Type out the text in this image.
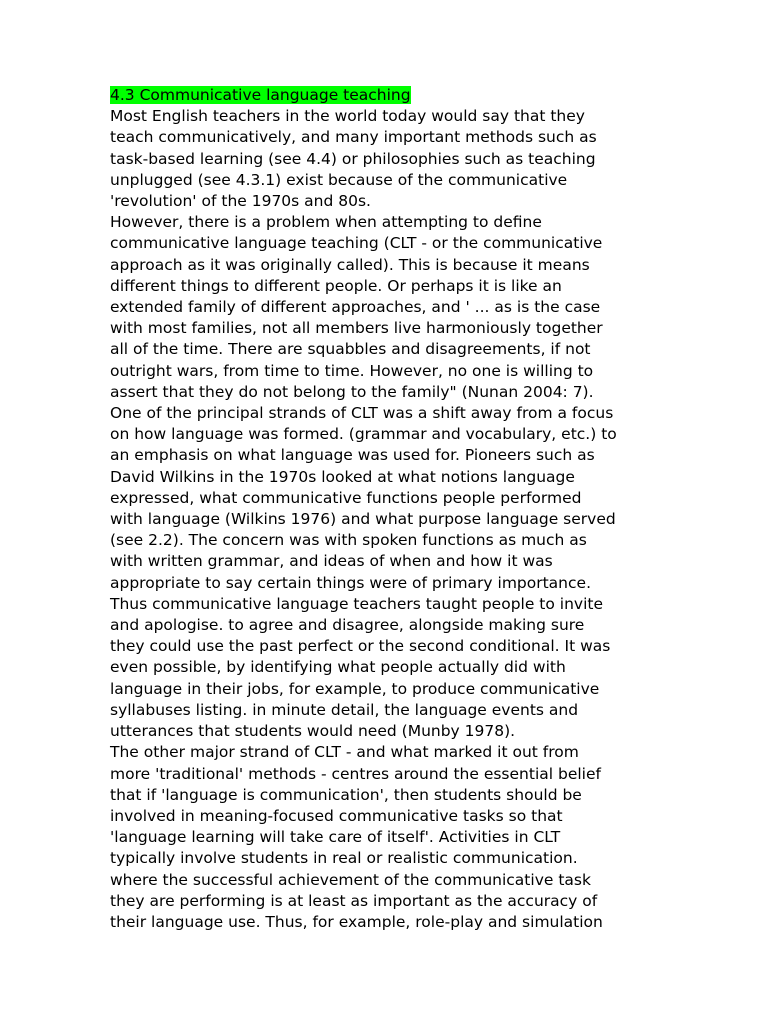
4.3 Communicative language teaching
Most English teachers in the world today would say that they
teach communicatively, and many important methods such as
task-based learning (see 4.4) or philosophies such as teaching
unplugged (see 4.3.1) exist because of the communicative
'revolution' of the 1970s and 80s.
However, there is a problem when attempting to define
communicative language teaching (CLT - or the communicative
approach as it was originally called). This is because it means
different things to different people. Or perhaps it is like an
extended family of different approaches, and ' ... as is the case
with most families, not all members live harmoniously together
all of the time. There are squabbles and disagreements, if not
outright wars, from time to time. However, no one is willing to
assert that they do not belong to the family" (Nunan 2004: 7).
One of the principal strands of CLT was a shift away from a focus
on how language was formed. (grammar and vocabulary, etc.) to
an emphasis on what language was used for. Pioneers such as
David Wilkins in the 1970s looked at what notions language
expressed, what communicative functions people performed
with language (Wilkins 1976) and what purpose language served
(see 2.2). The concern was with spoken functions as much as
with written grammar, and ideas of when and how it was
appropriate to say certain things were of primary importance.
Thus communicative language teachers taught people to invite
and apologise. to agree and disagree, alongside making sure
they could use the past perfect or the second conditional. It was
even possible, by identifying what people actually did with
language in their jobs, for example, to produce communicative
syllabuses listing. in minute detail, the language events and
utterances that students would need (Munby 1978).
The other major strand of CLT - and what marked it out from
more 'traditional' methods - centres around the essential belief
that if 'language is communication', then students should be
involved in meaning-focused communicative tasks so that
'language learning will take care of itself'. Activities in CLT
typically involve students in real or realistic communication.
where the successful achievement of the communicative task
they are performing is at least as important as the accuracy of
their language use. Thus, for example, role-play and simulation
